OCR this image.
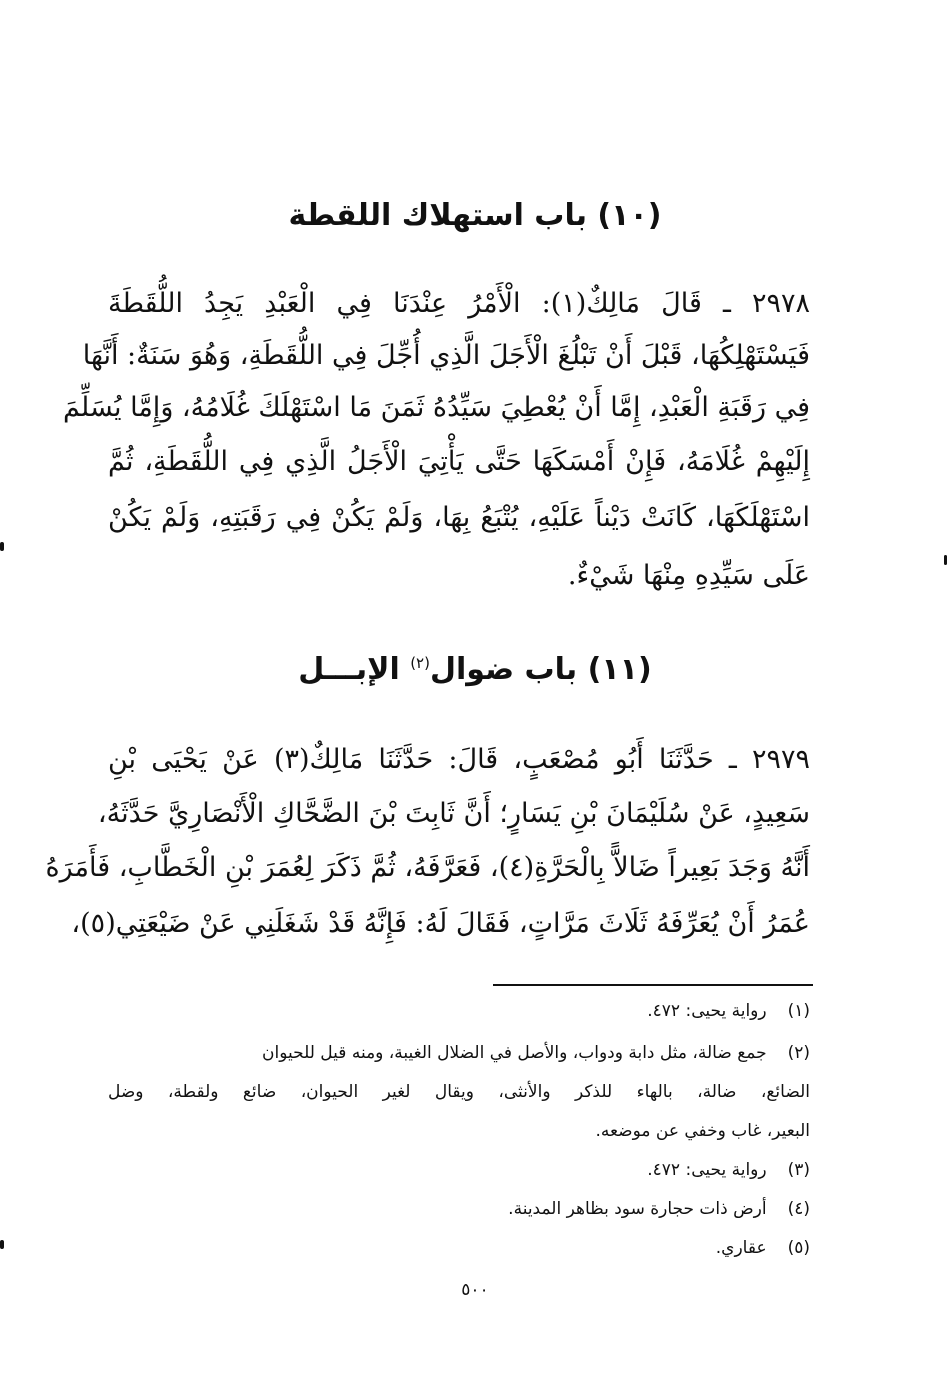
(١٠) باب استهلاك اللقطة
٢٩٧٨ ـ قَالَ مَالِكٌ(١): الْأَمْرُ عِنْدَنَا فِي الْعَبْدِ يَجِدُ اللُّقَطَةَ
فَيَسْتَهْلِكُهَا، قَبْلَ أَنْ تَبْلُغَ الْأَجَلَ الَّذِي أُجِّلَ فِي اللُّقَطَةِ، وَهُوَ سَنَةٌ: أَنَّهَا
فِي رَقَبَةِ الْعَبْدِ، إِمَّا أَنْ يُعْطِيَ سَيِّدُهُ ثَمَنَ مَا اسْتَهْلَكَ غُلَامُهُ، وَإِمَّا يُسَلِّمَ
إِلَيْهِمْ غُلَامَهُ، فَإِنْ أَمْسَكَهَا حَتَّى يَأْتِيَ الْأَجَلُ الَّذِي فِي اللُّقَطَةِ، ثُمَّ
اسْتَهْلَكَهَا، كَانَتْ دَيْناً عَلَيْهِ، يُتْبَعُ بِهَا، وَلَمْ يَكُنْ فِي رَقَبَتِهِ، وَلَمْ يَكُنْ
عَلَى سَيِّدِهِ مِنْهَا شَيْءٌ.
(١١) باب ضوال$^{(٢)}$ الإبـــل
٢٩٧٩ ـ حَدَّثَنَا أَبُو مُصْعَبٍ، قَالَ: حَدَّثَنَا مَالِكٌ(٣) عَنْ يَحْيَى بْنِ
سَعِيدٍ، عَنْ سُلَيْمَانَ بْنِ يَسَارٍ؛ أَنَّ ثَابِتَ بْنَ الضَّحَّاكِ الْأَنْصَارِيَّ حَدَّثَهُ،
أَنَّهُ وَجَدَ بَعِيراً ضَالاًّ بِالْحَرَّةِ(٤)، فَعَرَّفَهُ، ثُمَّ ذَكَرَ لِعُمَرَ بْنِ الْخَطَّابِ، فَأَمَرَهُ
عُمَرُ أَنْ يُعَرِّفَهُ ثَلَاثَ مَرَّاتٍ، فَقَالَ لَهُ: فَإِنَّهُ قَدْ شَغَلَنِي عَنْ ضَيْعَتِي(٥)،
(١) رواية يحيى: ٤٧٢.
(٢) جمع ضالة، مثل دابة ودواب، والأصل في الضلال الغيبة، ومنه قيل للحيوان
الضائع، ضالة، بالهاء للذكر والأنثى، ويقال لغير الحيوان، ضائع ولقطة، وضل
البعير، غاب وخفي عن موضعه.
(٣) رواية يحيى: ٤٧٢.
(٤) أرض ذات حجارة سود بظاهر المدينة.
(٥) عقاري.
٥٠٠
